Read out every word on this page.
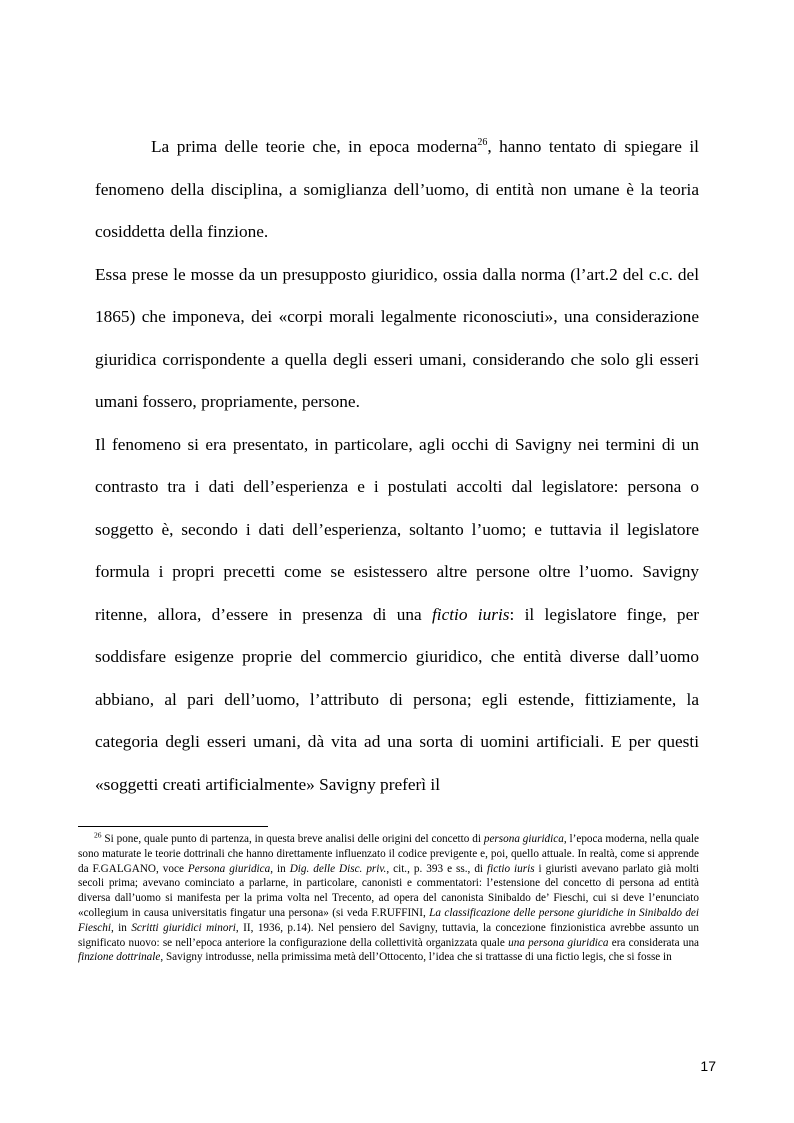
La prima delle teorie che, in epoca moderna$^{26}$, hanno tentato di spiegare il fenomeno della disciplina, a somiglianza dell’uomo, di entità non umane è la teoria cosiddetta della finzione.

Essa prese le mosse da un presupposto giuridico, ossia dalla norma (l’art.2 del c.c. del 1865) che imponeva, dei «corpi morali legalmente riconosciuti», una considerazione giuridica corrispondente a quella degli esseri umani, considerando che solo gli esseri umani fossero, propriamente, persone.

Il fenomeno si era presentato, in particolare, agli occhi di Savigny nei termini di un contrasto tra i dati dell’esperienza e i postulati accolti dal legislatore: persona o soggetto è, secondo i dati dell’esperienza, soltanto l’uomo; e tuttavia il legislatore formula i propri precetti come se esistessero altre persone oltre l’uomo. Savigny ritenne, allora, d’essere in presenza di una fictio iuris: il legislatore finge, per soddisfare esigenze proprie del commercio giuridico, che entità diverse dall’uomo abbiano, al pari dell’uomo, l’attributo di persona; egli estende, fittiziamente, la categoria degli esseri umani, dà vita ad una sorta di uomini artificiali. E per questi «soggetti creati artificialmente» Savigny preferì il

$^{26}$ Si pone, quale punto di partenza, in questa breve analisi delle origini del concetto di persona giuridica, l’epoca moderna, nella quale sono maturate le teorie dottrinali che hanno direttamente influenzato il codice previgente e, poi, quello attuale. In realtà, come si apprende da F.GALGANO, voce Persona giuridica, in Dig. delle Disc. priv., cit., p. 393 e ss., di fictio iuris i giuristi avevano parlato già molti secoli prima; avevano cominciato a parlarne, in particolare, canonisti e commentatori: l’estensione del concetto di persona ad entità diversa dall’uomo si manifesta per la prima volta nel Trecento, ad opera del canonista Sinibaldo de’ Fieschi, cui si deve l’enunciato «collegium in causa universitatis fingatur una persona» (si veda F.RUFFINI, La classificazione delle persone giuridiche in Sinibaldo dei Fieschi, in Scritti giuridici minori, II, 1936, p.14). Nel pensiero del Savigny, tuttavia, la concezione finzionistica avrebbe assunto un significato nuovo: se nell’epoca anteriore la configurazione della collettività organizzata quale una persona giuridica era considerata una finzione dottrinale, Savigny introdusse, nella primissima metà dell’Ottocento, l’idea che si trattasse di una fictio legis, che si fosse in

17
